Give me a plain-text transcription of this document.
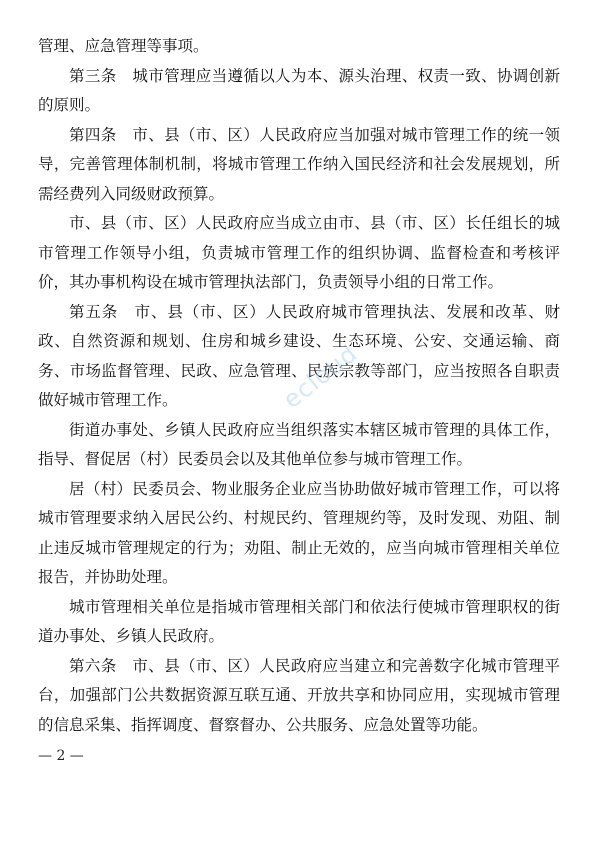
管理、应急管理等事项。

第三条　城市管理应当遵循以人为本、源头治理、权责一致、协调创新的原则。

第四条　市、县（市、区）人民政府应当加强对城市管理工作的统一领导，完善管理体制机制，将城市管理工作纳入国民经济和社会发展规划，所需经费列入同级财政预算。

市、县（市、区）人民政府应当成立由市、县（市、区）长任组长的城市管理工作领导小组，负责城市管理工作的组织协调、监督检查和考核评价，其办事机构设在城市管理执法部门，负责领导小组的日常工作。

第五条　市、县（市、区）人民政府城市管理执法、发展和改革、财政、自然资源和规划、住房和城乡建设、生态环境、公安、交通运输、商务、市场监督管理、民政、应急管理、民族宗教等部门，应当按照各自职责做好城市管理工作。

街道办事处、乡镇人民政府应当组织落实本辖区城市管理的具体工作，指导、督促居（村）民委员会以及其他单位参与城市管理工作。

居（村）民委员会、物业服务企业应当协助做好城市管理工作，可以将城市管理要求纳入居民公约、村规民约、管理规约等，及时发现、劝阻、制止违反城市管理规定的行为；劝阻、制止无效的，应当向城市管理相关单位报告，并协助处理。

城市管理相关单位是指城市管理相关部门和依法行使城市管理职权的街道办事处、乡镇人民政府。

第六条　市、县（市、区）人民政府应当建立和完善数字化城市管理平台，加强部门公共数据资源互联互通、开放共享和协同应用，实现城市管理的信息采集、指挥调度、督察督办、公共服务、应急处置等功能。

ecloud
— 2 —
